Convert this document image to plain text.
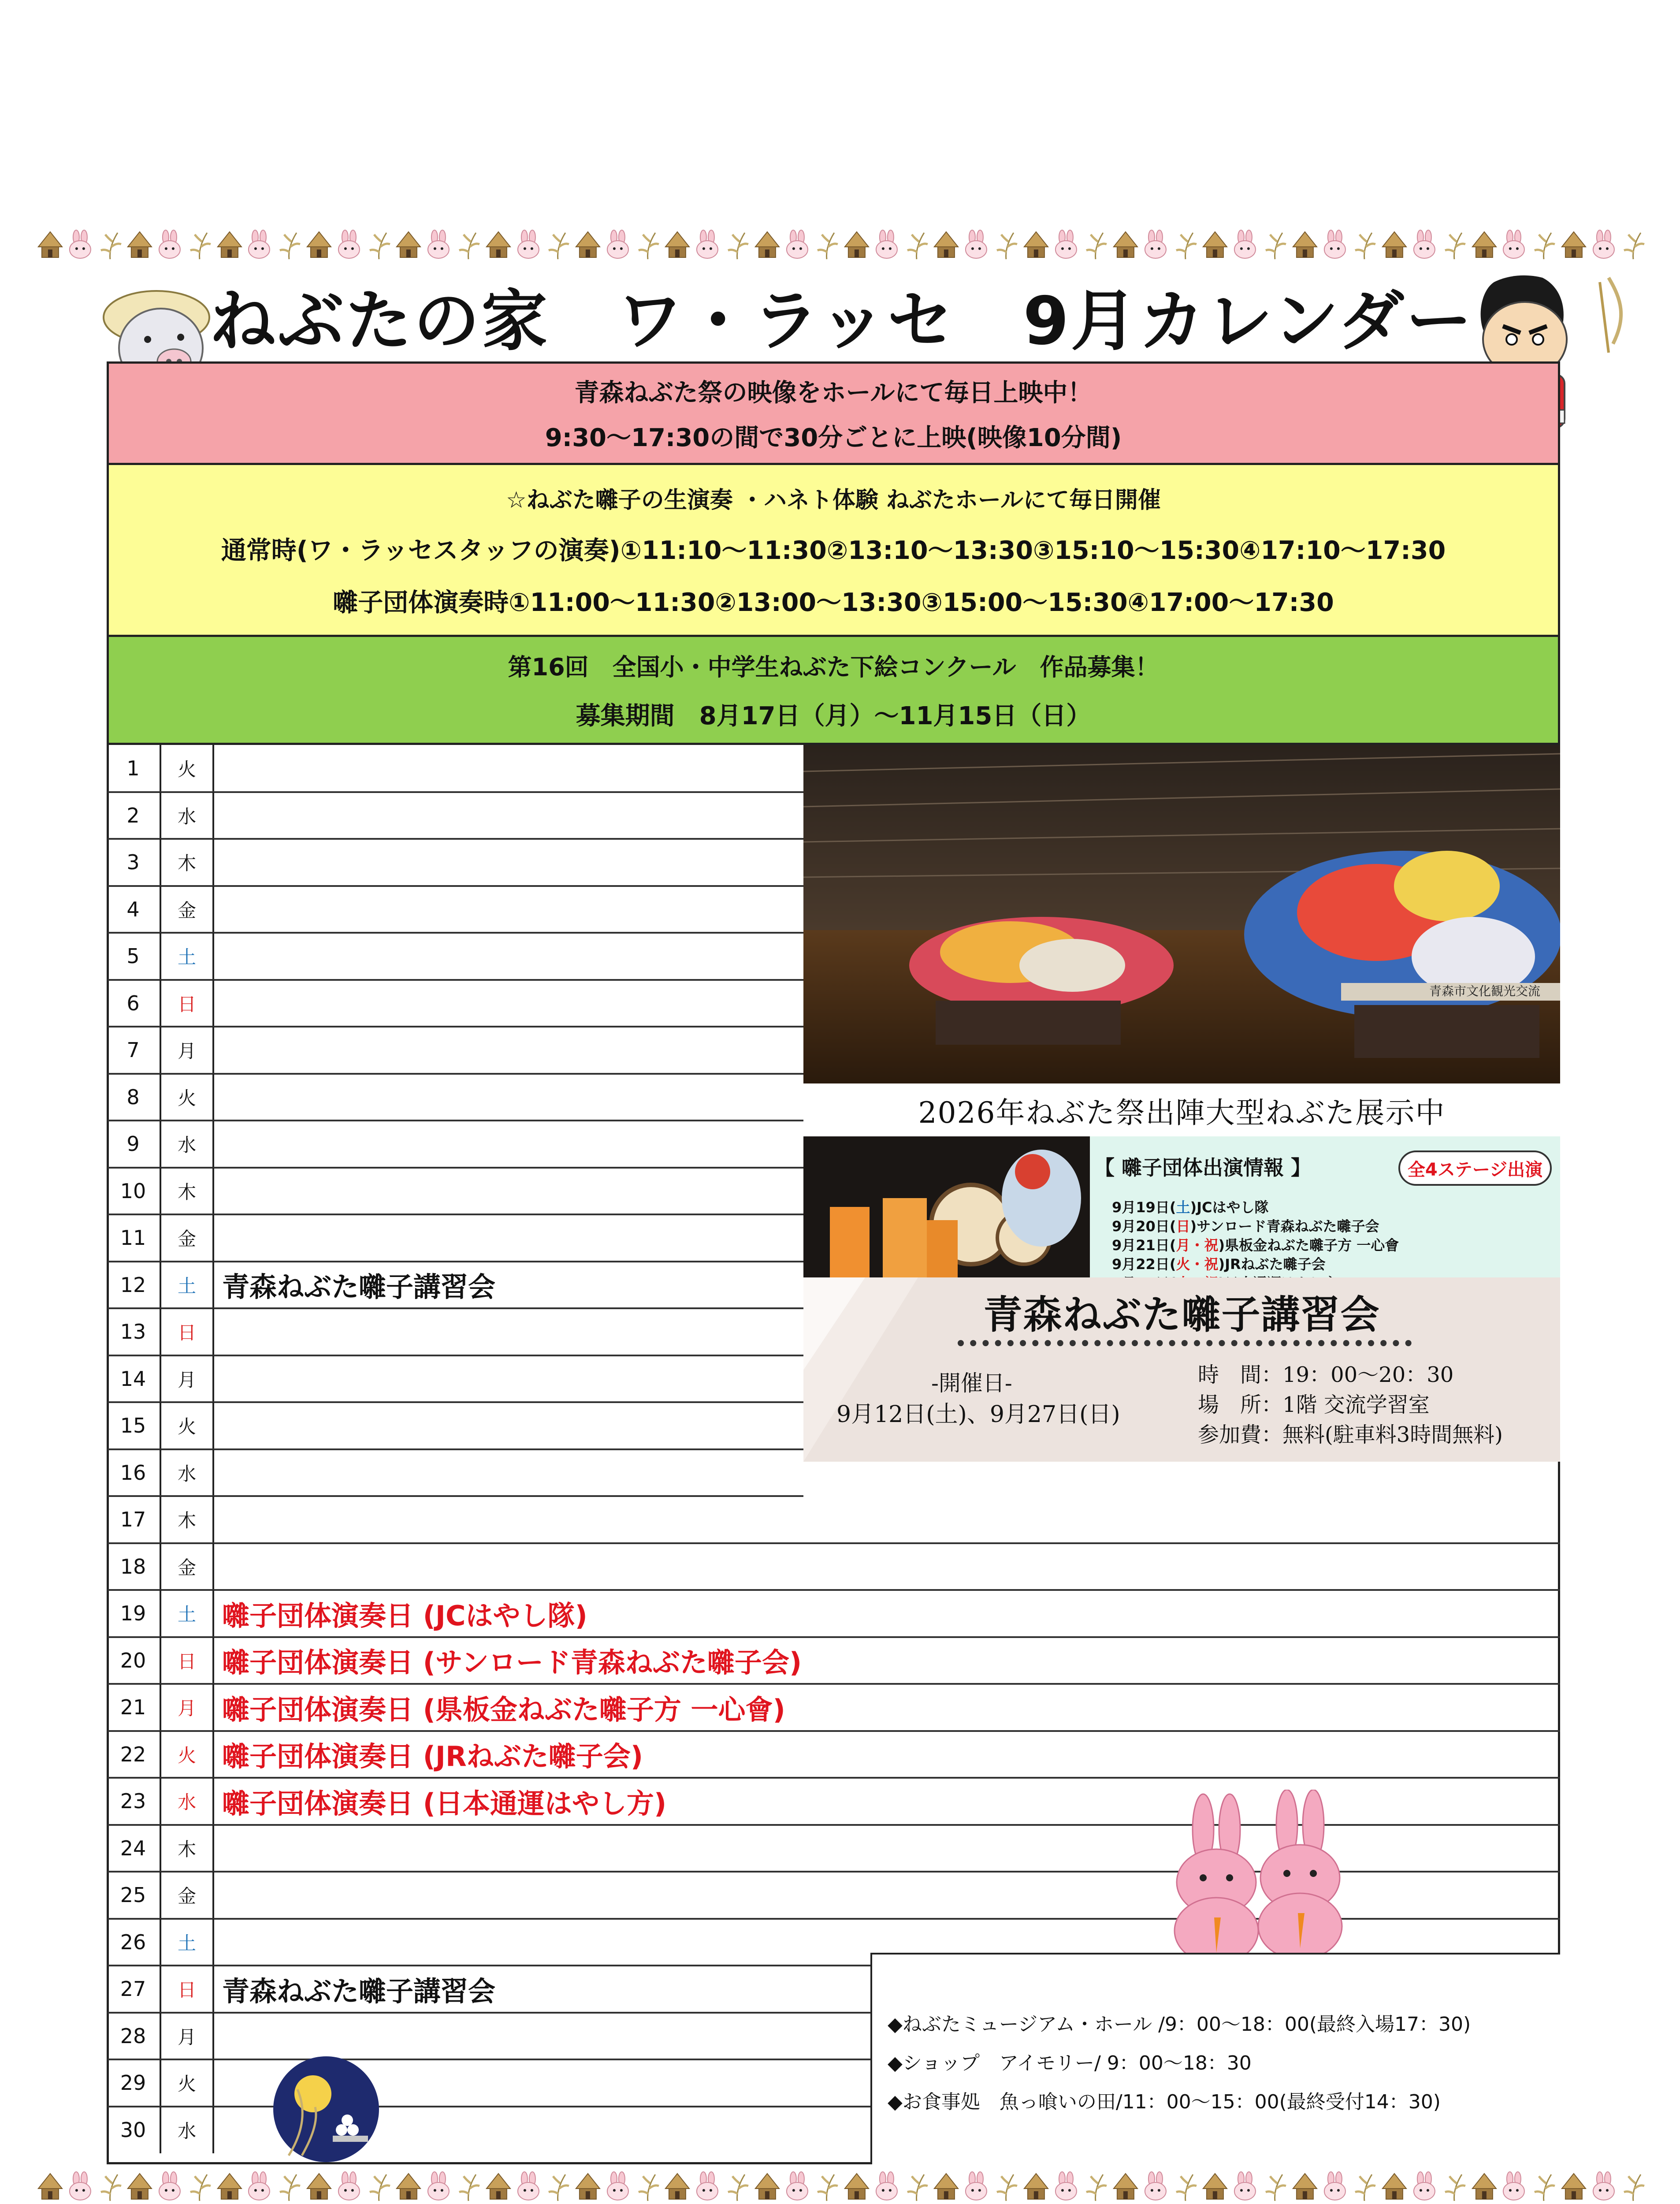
ねぶたの家　ワ・ラッセ　9月カレンダー
青森ねぶた祭の映像をホールにて毎日上映中！
9:30～17:30の間で30分ごとに上映(映像10分間)
☆ねぶた囃子の生演奏 ・ハネト体験 ねぶたホールにて毎日開催
通常時(ワ・ラッセスタッフの演奏)①11:10～11:30②13:10～13:30③15:10～15:30④17:10～17:30
囃子団体演奏時①11:00～11:30②13:00～13:30③15:00～15:30④17:00～17:30
第16回　全国小・中学生ねぶた下絵コンクール　作品募集！
募集期間　8月17日（月）～11月15日（日）
1	火
2	水
3	木
4	金
5	土
6	日
7	月
8	火
9	水
10	木
11	金
12	土 青森ねぶた囃子講習会
13	日
14	月
15	火
16	水
17	木
18	金
19	土 囃子団体演奏日 (JCはやし隊)
20	日 囃子団体演奏日 (サンロード青森ねぶた囃子会)
21	月 囃子団体演奏日 (県板金ねぶた囃子方 一心會)
22	火 囃子団体演奏日 (JRねぶた囃子会)
23	水 囃子団体演奏日 (日本通運はやし方)
24	木
25	金
26	土
27	日 青森ねぶた囃子講習会
28	月
29	火
30	水
青森市文化観光交流
2026年ねぶた祭出陣大型ねぶた展示中
【 囃子団体出演情報 】	全4ステージ出演
9月19日(土)JCはやし隊
9月20日(日)サンロード青森ねぶた囃子会
9月21日(月・祝)県板金ねぶた囃子方 一心會
9月22日(火・祝)JRねぶた囃子会
青森ねぶた囃子講習会
-開催日-
9月12日(土)、9月27日(日)
時　間：19：00～20：30
場　所：1階 交流学習室
参加費：無料(駐車料3時間無料)
◆ねぶたミュージアム・ホール /9：00～18：00(最終入場17：30)
◆ショップ　アイモリー/ 9：00～18：30
◆お食事処　魚っ喰いの田/11：00～15：00(最終受付14：30)
